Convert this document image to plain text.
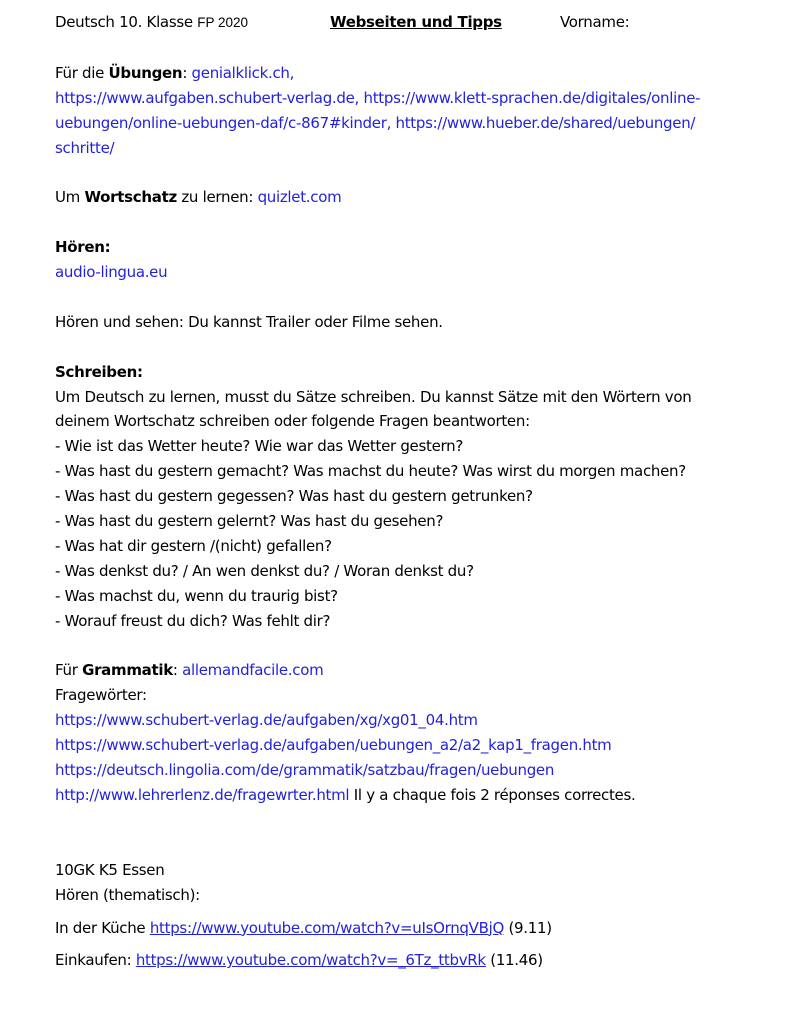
Deutsch 10. Klasse FP 2020	Webseiten und Tipps	Vorname:
Für die Übungen: genialklick.ch,
https://www.aufgaben.schubert-verlag.de, https://www.klett-sprachen.de/digitales/online-
uebungen/online-uebungen-daf/c-867#kinder, https://www.hueber.de/shared/uebungen/
schritte/
Um Wortschatz zu lernen: quizlet.com
Hören:
audio-lingua.eu
Hören und sehen: Du kannst Trailer oder Filme sehen.
Schreiben:
Um Deutsch zu lernen, musst du Sätze schreiben. Du kannst Sätze mit den Wörtern von
deinem Wortschatz schreiben oder folgende Fragen beantworten:
- Wie ist das Wetter heute? Wie war das Wetter gestern?
- Was hast du gestern gemacht? Was machst du heute? Was wirst du morgen machen?
- Was hast du gestern gegessen? Was hast du gestern getrunken?
- Was hast du gestern gelernt? Was hast du gesehen?
- Was hat dir gestern /(nicht) gefallen?
- Was denkst du? / An wen denkst du? / Woran denkst du?
- Was machst du, wenn du traurig bist?
- Worauf freust du dich? Was fehlt dir?
Für Grammatik: allemandfacile.com
Fragewörter:
https://www.schubert-verlag.de/aufgaben/xg/xg01_04.htm
https://www.schubert-verlag.de/aufgaben/uebungen_a2/a2_kap1_fragen.htm
https://deutsch.lingolia.com/de/grammatik/satzbau/fragen/uebungen
http://www.lehrerlenz.de/fragewrter.html Il y a chaque fois 2 réponses correctes.
10GK K5 Essen
Hören (thematisch):
In der Küche https://www.youtube.com/watch?v=uIsOrnqVBjQ (9.11)
Einkaufen: https://www.youtube.com/watch?v=_6Tz_ttbvRk (11.46)
